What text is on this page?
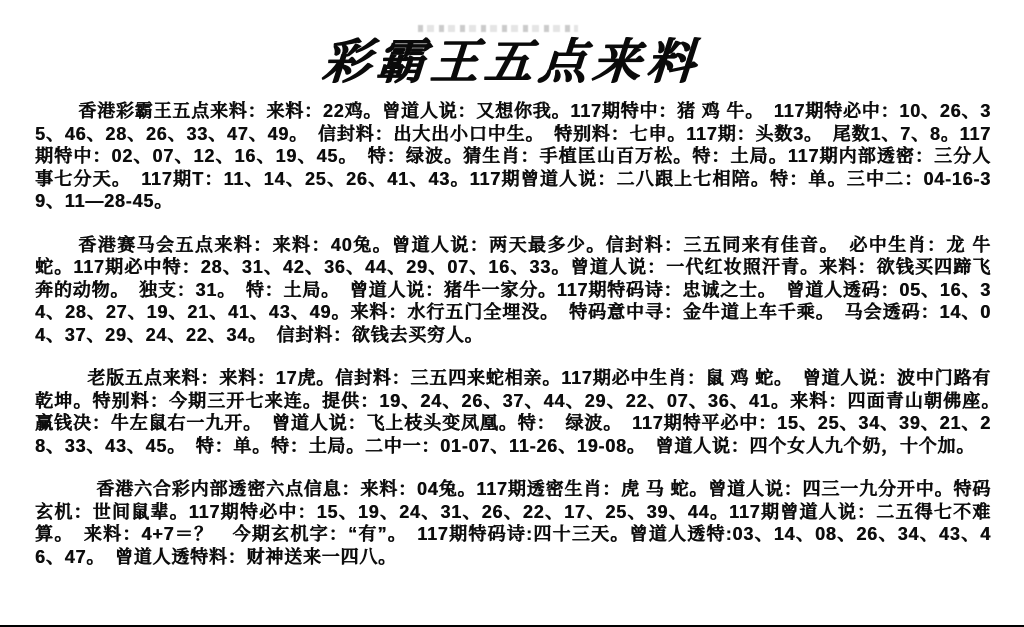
彩霸王五点来料

香港彩霸王五点来料：来料：22鸡。曾道人说：又想你我。117期特中：猪 鸡 牛。　117期特必中：10、26、35、46、28、26、33、47、49。　信封料：出大出小口中生。　特别料：七申。117期：头数3。　尾数1、7、8。117期特中：02、07、12、16、19、45。　特：绿波。猜生肖：手植匡山百万松。特：土局。117期内部透密：三分人事七分天。　117期T：11、14、25、26、41、43。117期曾道人说：二八跟上七相陪。特：单。三中二：04-16-39、11—28-45。

香港赛马会五点来料：来料：40兔。曾道人说：两天最多少。信封料：三五同来有佳音。　必中生肖：龙 牛 蛇。117期必中特：28、31、42、36、44、29、07、16、33。曾道人说：一代红妆照汗青。来料：欲钱买四蹄飞奔的动物。　独支：31。　特：土局。　曾道人说：猪牛一家分。117期特码诗：忠诚之士。　曾道人透码：05、16、34、28、27、19、21、41、43、49。来料：水行五门全埋没。　特码意中寻：金牛道上车千乘。　马会透码：14、04、37、29、24、22、34。　信封料：欲钱去买穷人。

老版五点来料：来料：17虎。信封料：三五四来蛇相亲。117期必中生肖：鼠 鸡 蛇。　曾道人说：波中门路有乾坤。特别料：今期三开七来连。提供：19、24、26、37、44、29、22、07、36、41。来料：四面青山朝佛座。　赢钱决：牛左鼠右一九开。　曾道人说：飞上枝头变凤凰。特：　绿波。　117期特平必中：15、25、34、39、21、28、33、43、45。　特：单。特：土局。二中一：01-07、11-26、19-08。　曾道人说：四个女人九个奶，十个加。

香港六合彩内部透密六点信息：来料：04兔。117期透密生肖：虎 马 蛇。曾道人说：四三一九分开中。特码玄机：世间鼠辈。117期特必中：15、19、24、31、26、22、17、25、39、44。117期曾道人说：二五得七不难算。　来料：4+7＝？　今期玄机字：“有”。　117期特码诗:四十三天。曾道人透特:03、14、08、26、34、43、46、47。　曾道人透特料：财神送来一四八。
